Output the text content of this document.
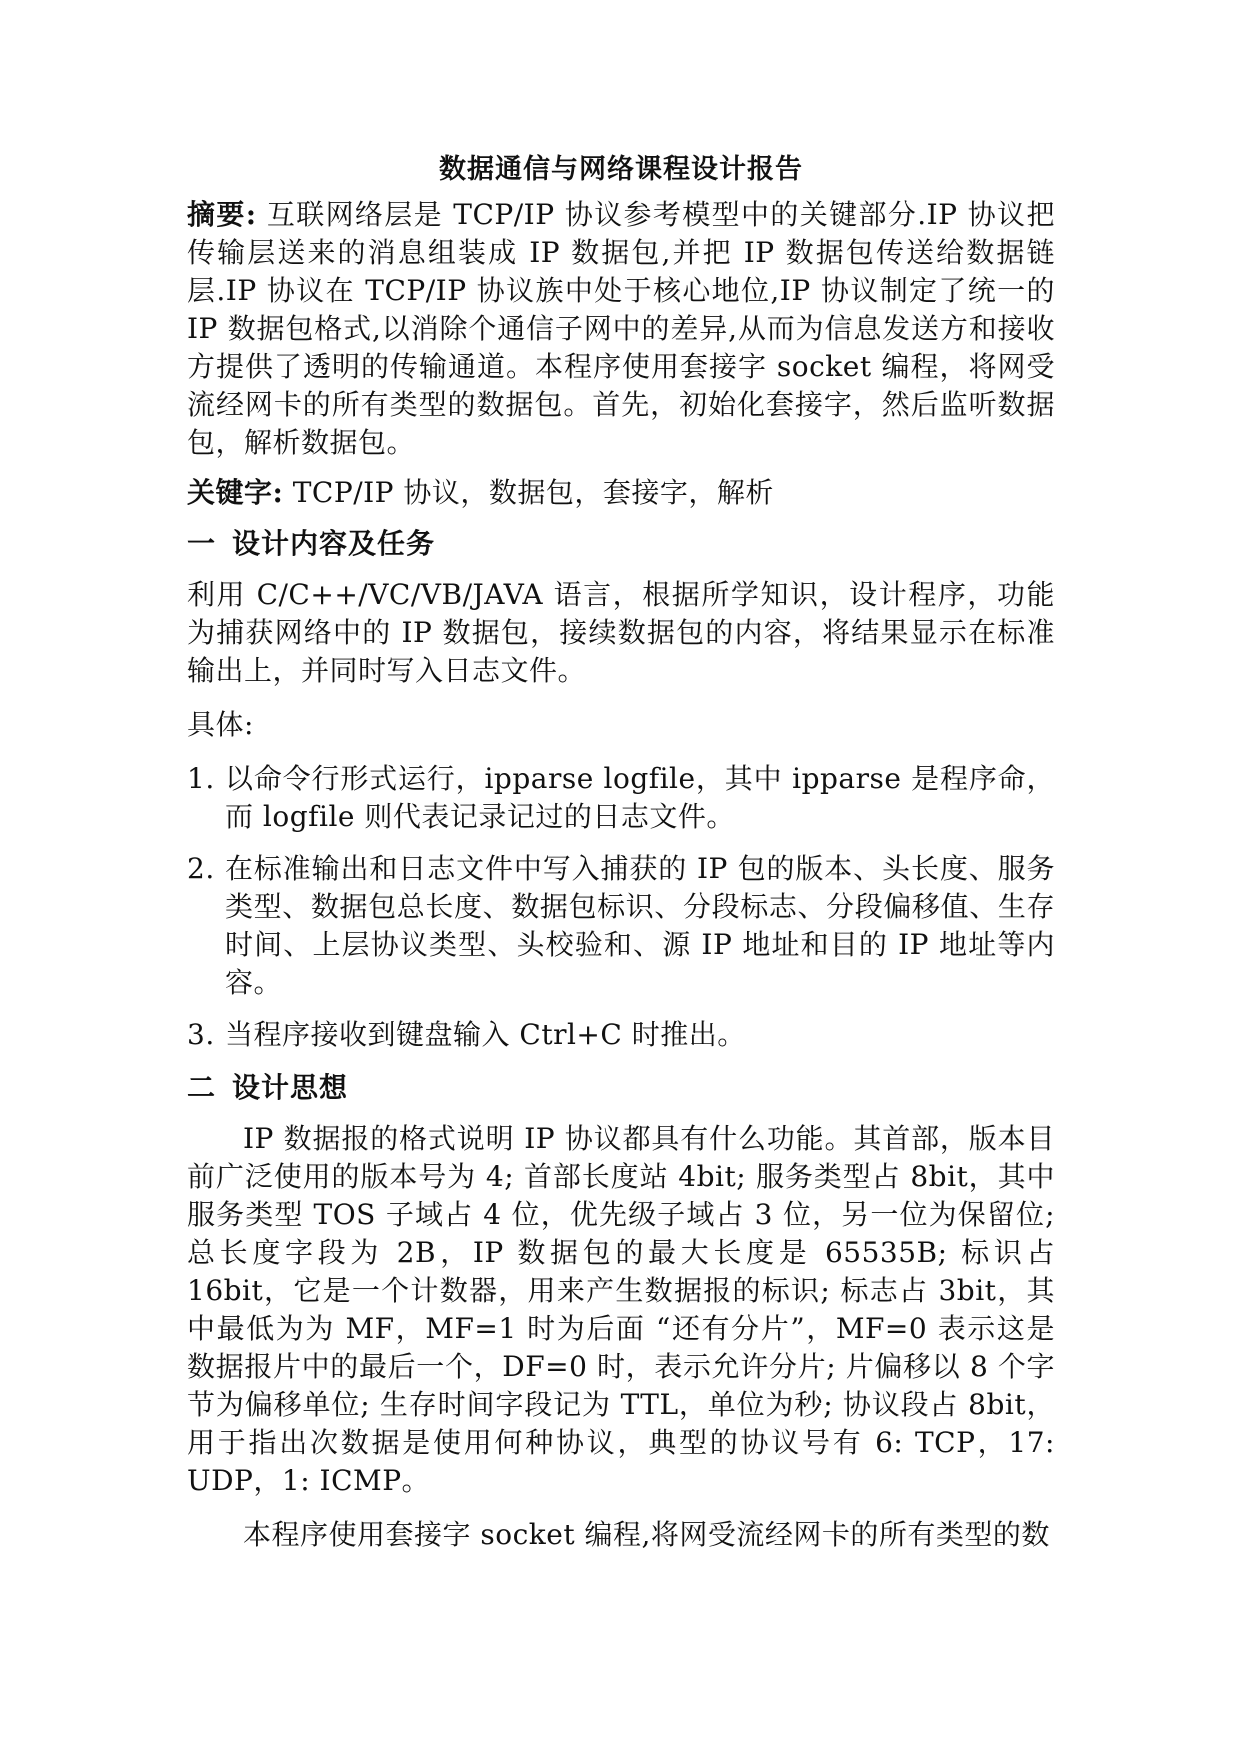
数据通信与网络课程设计报告

摘要: 互联网络层是 TCP/IP 协议参考模型中的关键部分.IP 协议把传输层送来的消息组装成 IP 数据包,并把 IP 数据包传送给数据链层.IP 协议在 TCP/IP 协议族中处于核心地位,IP 协议制定了统一的 IP 数据包格式,以消除个通信子网中的差异,从而为信息发送方和接收方提供了透明的传输通道。本程序使用套接字 socket 编程，将网受流经网卡的所有类型的数据包。首先，初始化套接字，然后监听数据包，解析数据包。

关键字: TCP/IP 协议，数据包，套接字，解析

一 设计内容及任务

利用 C/C++/VC/VB/JAVA 语言，根据所学知识，设计程序，功能为捕获网络中的 IP 数据包，接续数据包的内容，将结果显示在标准输出上，并同时写入日志文件。

具体:

1. 以命令行形式运行，ipparse logfile，其中 ipparse 是程序命，而 logfile 则代表记录记过的日志文件。
2. 在标准输出和日志文件中写入捕获的 IP 包的版本、头长度、服务类型、数据包总长度、数据包标识、分段标志、分段偏移值、生存时间、上层协议类型、头校验和、源 IP 地址和目的 IP 地址等内容。
3. 当程序接收到键盘输入 Ctrl+C 时推出。
二 设计思想

IP 数据报的格式说明 IP 协议都具有什么功能。其首部，版本目前广泛使用的版本号为 4; 首部长度站 4bit; 服务类型占 8bit，其中服务类型 TOS 子域占 4 位，优先级子域占 3 位，另一位为保留位; 总长度字段为 2B，IP 数据包的最大长度是 65535B; 标识占 16bit，它是一个计数器，用来产生数据报的标识; 标志占 3bit，其中最低为为 MF，MF=1 时为后面 “还有分片”，MF=0 表示这是数据报片中的最后一个，DF=0 时，表示允许分片; 片偏移以 8 个字节为偏移单位; 生存时间字段记为 TTL，单位为秒; 协议段占 8bit，用于指出次数据是使用何种协议，典型的协议号有 6: TCP，17: UDP，1: ICMP。

本程序使用套接字 socket 编程,将网受流经网卡的所有类型的数
